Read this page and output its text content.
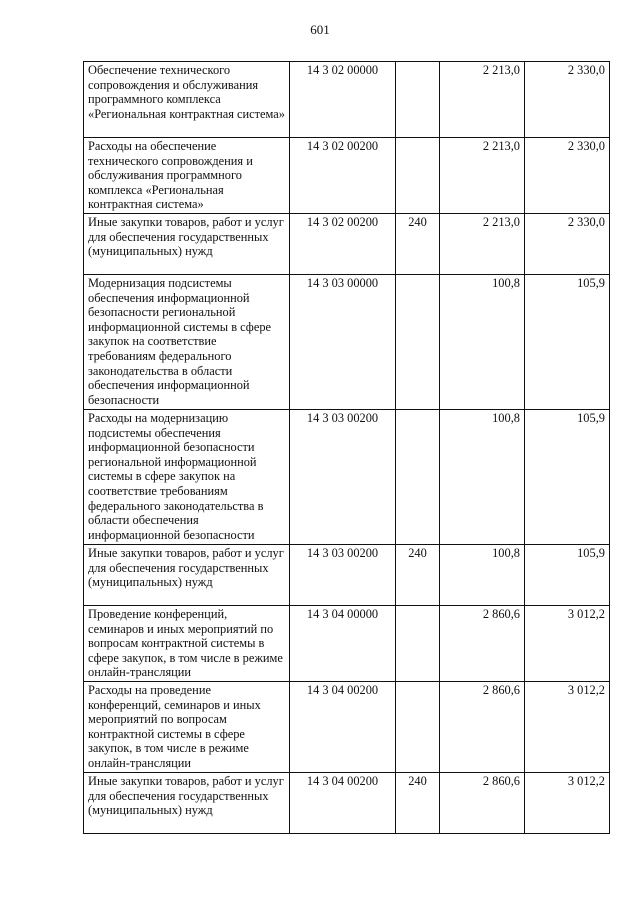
601
Обеспечение технического сопровождения и обслуживания программного комплекса «Региональная контрактная система»	14 3 02 00000		2 213,0	2 330,0
Расходы на обеспечение технического сопровождения и обслуживания программного комплекса «Региональная контрактная система»	14 3 02 00200		2 213,0	2 330,0
Иные закупки товаров, работ и услуг для обеспечения государственных (муниципальных) нужд	14 3 02 00200	240	2 213,0	2 330,0
Модернизация подсистемы обеспечения информационной безопасности региональной информационной системы в сфере закупок на соответствие требованиям федерального законодательства в области обеспечения информационной безопасности	14 3 03 00000		100,8	105,9
Расходы на модернизацию подсистемы обеспечения информационной безопасности региональной информационной системы в сфере закупок на соответствие требованиям федерального законодательства в области обеспечения информационной безопасности	14 3 03 00200		100,8	105,9
Иные закупки товаров, работ и услуг для обеспечения государственных (муниципальных) нужд	14 3 03 00200	240	100,8	105,9
Проведение конференций, семинаров и иных мероприятий по вопросам контрактной системы в сфере закупок, в том числе в режиме онлайн-трансляции	14 3 04 00000		2 860,6	3 012,2
Расходы на проведение конференций, семинаров и иных мероприятий по вопросам контрактной системы в сфере закупок, в том числе в режиме онлайн-трансляции	14 3 04 00200		2 860,6	3 012,2
Иные закупки товаров, работ и услуг для обеспечения государственных (муниципальных) нужд	14 3 04 00200	240	2 860,6	3 012,2
